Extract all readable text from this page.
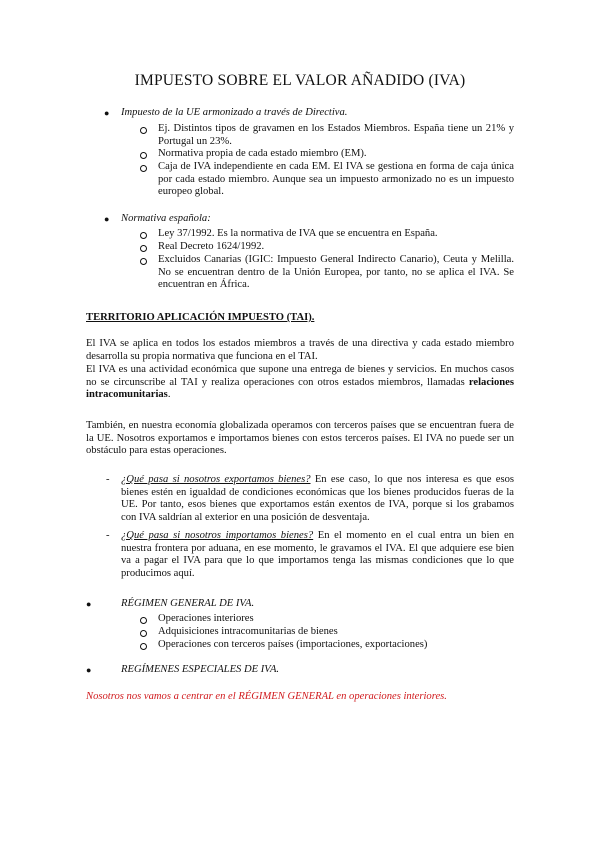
IMPUESTO SOBRE EL VALOR AÑADIDO (IVA)
● Impuesto de la UE armonizado a través de Directiva.
Ej. Distintos tipos de gravamen en los Estados Miembros. España tiene un 21% y Portugal un 23%.
Normativa propia de cada estado miembro (EM).
Caja de IVA independiente en cada EM. El IVA se gestiona en forma de caja única por cada estado miembro. Aunque sea un impuesto armonizado no es un impuesto europeo global.
● Normativa española:
Ley 37/1992. Es la normativa de IVA que se encuentra en España.
Real Decreto 1624/1992.
Excluidos Canarias (IGIC: Impuesto General Indirecto Canario), Ceuta y Melilla. No se encuentran dentro de la Unión Europea, por tanto, no se aplica el IVA. Se encuentran en África.
TERRITORIO APLICACIÓN IMPUESTO (TAI).
El IVA se aplica en todos los estados miembros a través de una directiva y cada estado miembro desarrolla su propia normativa que funciona en el TAI.
El IVA es una actividad económica que supone una entrega de bienes y servicios. En muchos casos no se circunscribe al TAI y realiza operaciones con otros estados miembros, llamadas relaciones intracomunitarias.
También, en nuestra economía globalizada operamos con terceros países que se encuentran fuera de la UE. Nosotros exportamos e importamos bienes con estos terceros países. El IVA no puede ser un obstáculo para estas operaciones.
- ¿Qué pasa si nosotros exportamos bienes? En ese caso, lo que nos interesa es que esos bienes estén en igualdad de condiciones económicas que los bienes producidos fueras de la UE. Por tanto, esos bienes que exportamos están exentos de IVA, porque si los grabamos con IVA saldrían al exterior en una posición de desventaja.
- ¿Qué pasa si nosotros importamos bienes? En el momento en el cual entra un bien en nuestra frontera por aduana, en ese momento, le gravamos el IVA. El que adquiere ese bien va a pagar el IVA para que lo que importamos tenga las mismas condiciones que lo que producimos aquí.
●	RÉGIMEN GENERAL DE IVA.
Operaciones interiores
Adquisiciones intracomunitarias de bienes
Operaciones con terceros países (importaciones, exportaciones)
●	REGÍMENES ESPECIALES DE IVA.
Nosotros nos vamos a centrar en el RÉGIMEN GENERAL en operaciones interiores.
